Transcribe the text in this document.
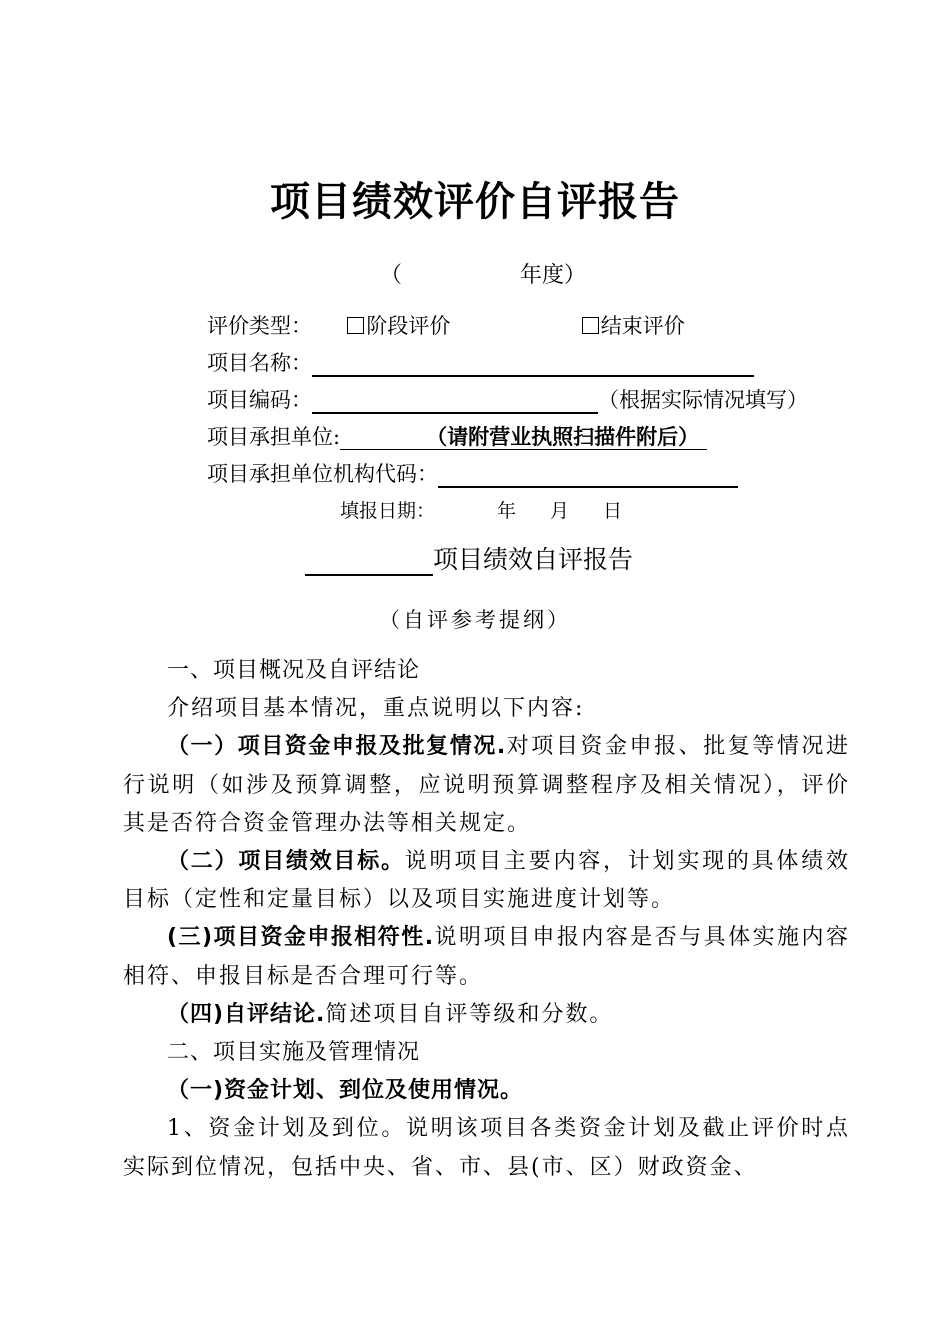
项目绩效评价自评报告
（	年度）
评价类型：	阶段评价	结束评价
项目名称：
项目编码：	（根据实际情况填写）
项目承担单位:	（请附营业执照扫描件附后）
项目承担单位机构代码：
填报日期：	年 月 日
项目绩效自评报告
（自评参考提纲）

一、项目概况及自评结论

介绍项目基本情况，重点说明以下内容:

（一）项目资金申报及批复情况.对项目资金申报、批复等情况进行说明（如涉及预算调整，应说明预算调整程序及相关情况），评价其是否符合资金管理办法等相关规定。

（二）项目绩效目标。说明项目主要内容，计划实现的具体绩效目标（定性和定量目标）以及项目实施进度计划等。

(三)项目资金申报相符性.说明项目申报内容是否与具体实施内容相符、申报目标是否合理可行等。

（四)自评结论.简述项目自评等级和分数。

二、项目实施及管理情况

（一)资金计划、到位及使用情况。

1、资金计划及到位。说明该项目各类资金计划及截止评价时点实际到位情况，包括中央、省、市、县(市、区）财政资金、
